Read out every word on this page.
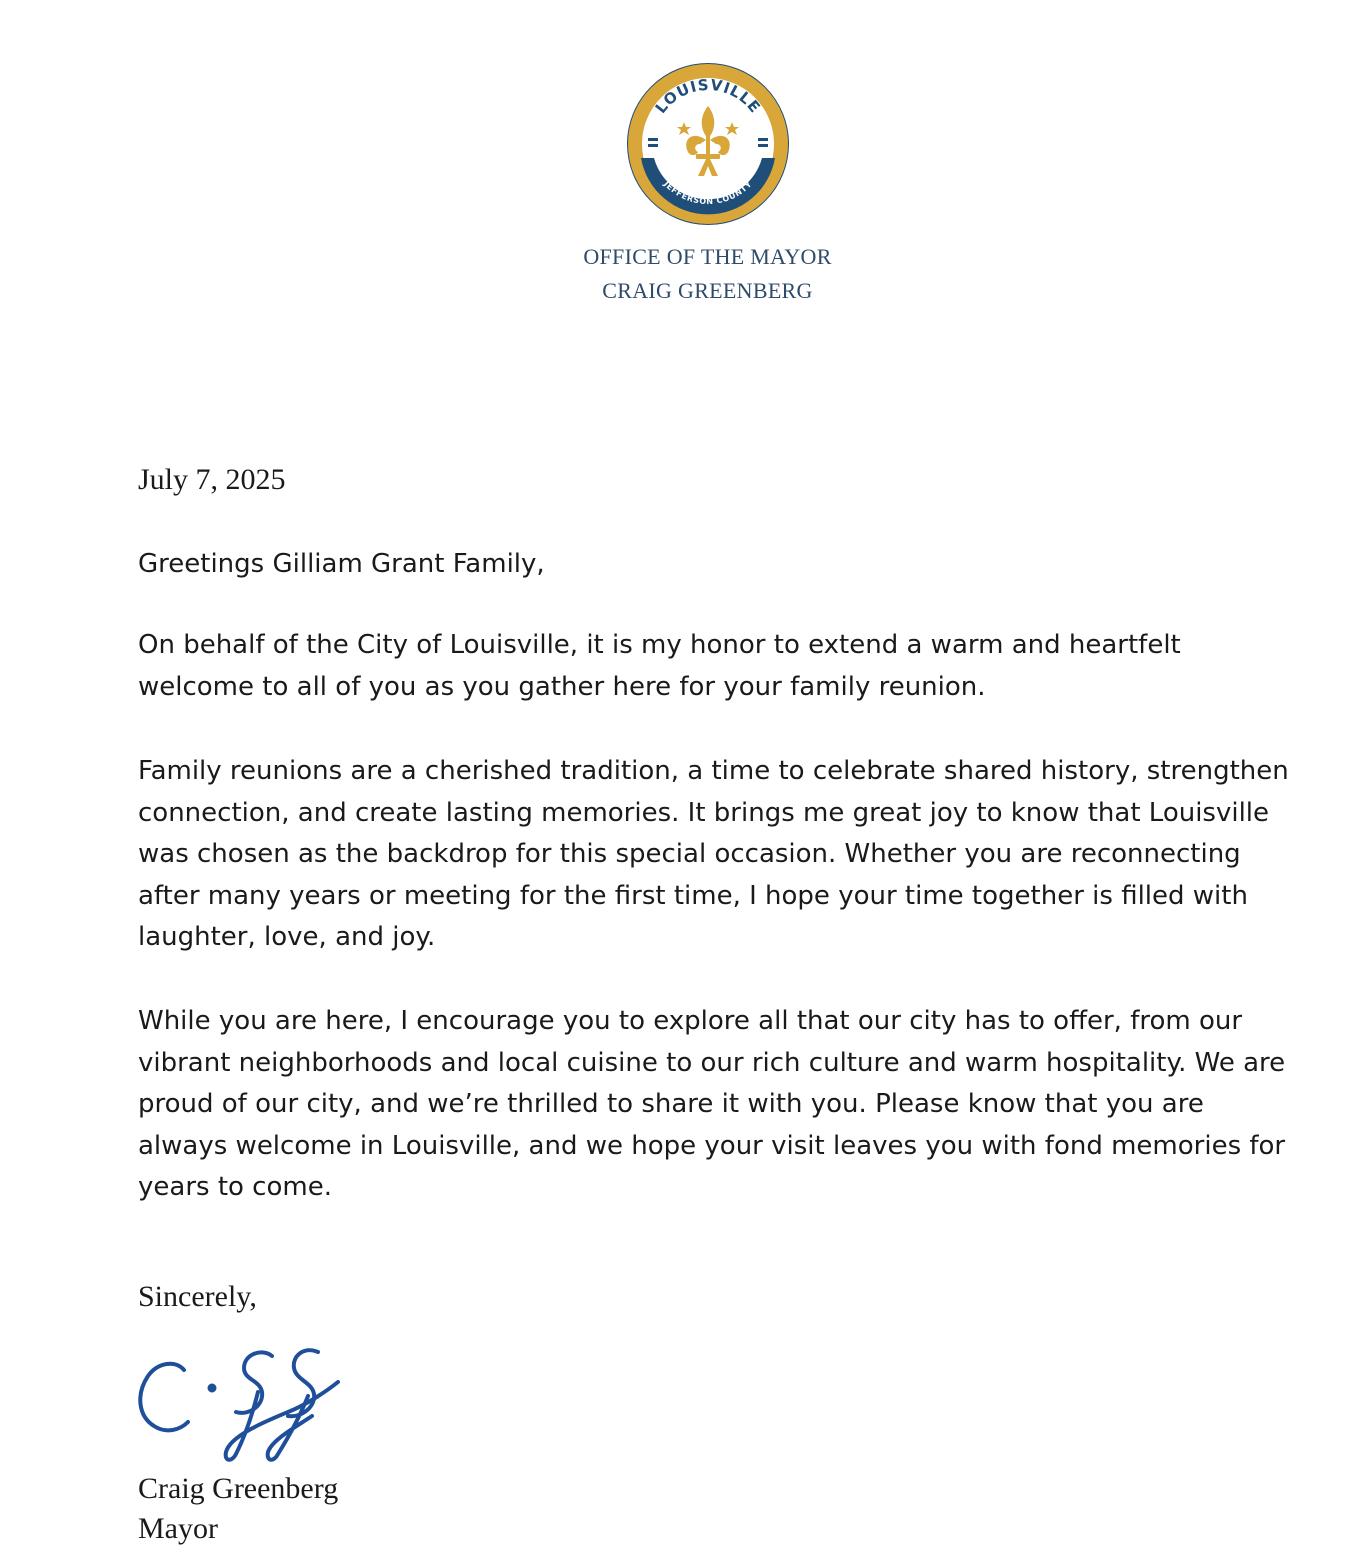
LOUISVILLE
JEFFERSON COUNTY
OFFICE OF THE MAYOR
CRAIG GREENBERG
July 7, 2025

Greetings Gilliam Grant Family,

On behalf of the City of Louisville, it is my honor to extend a warm and heartfelt welcome to all of you as you gather here for your family reunion.

Family reunions are a cherished tradition, a time to celebrate shared history, strengthen connection, and create lasting memories. It brings me great joy to know that Louisville was chosen as the backdrop for this special occasion. Whether you are reconnecting after many years or meeting for the first time, I hope your time together is filled with laughter, love, and joy.

While you are here, I encourage you to explore all that our city has to offer, from our vibrant neighborhoods and local cuisine to our rich culture and warm hospitality. We are proud of our city, and we’re thrilled to share it with you. Please know that you are always welcome in Louisville, and we hope your visit leaves you with fond memories for years to come.

Sincerely,
Craig Greenberg
Mayor
